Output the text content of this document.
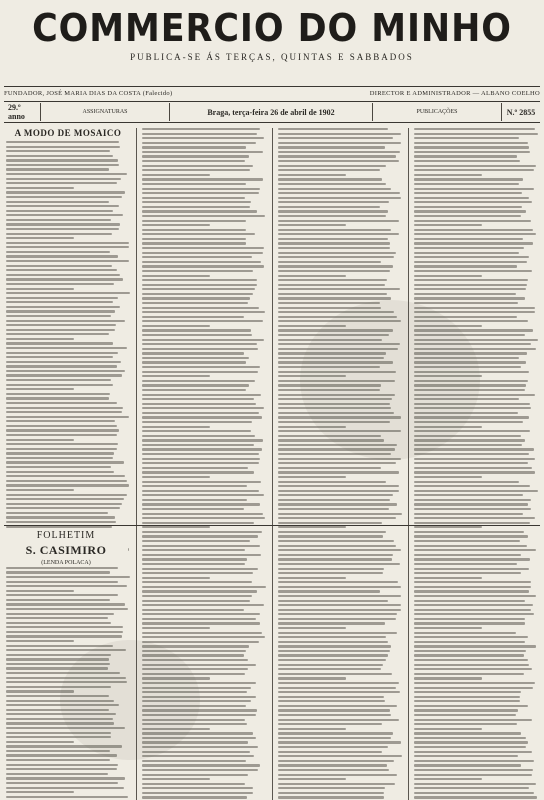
COMMERCIO DO MINHO
PUBLICA-SE ÁS TERÇAS, QUINTAS E SABBADOS
FUNDADOR, JOSÉ MARIA DIAS DA COSTA (Falecido)	DIRECTOR E ADMINISTRADOR — ALBANO COELHO
29.º anno
ASSIGNATURAS	Braga, terça-feira 26 de abril de 1902	PUBLICAÇÕES	N.º 2855
A MODO DE MOSAICO
FOLHETIM
S. CASIMIRO
(LENDA POLACA)
